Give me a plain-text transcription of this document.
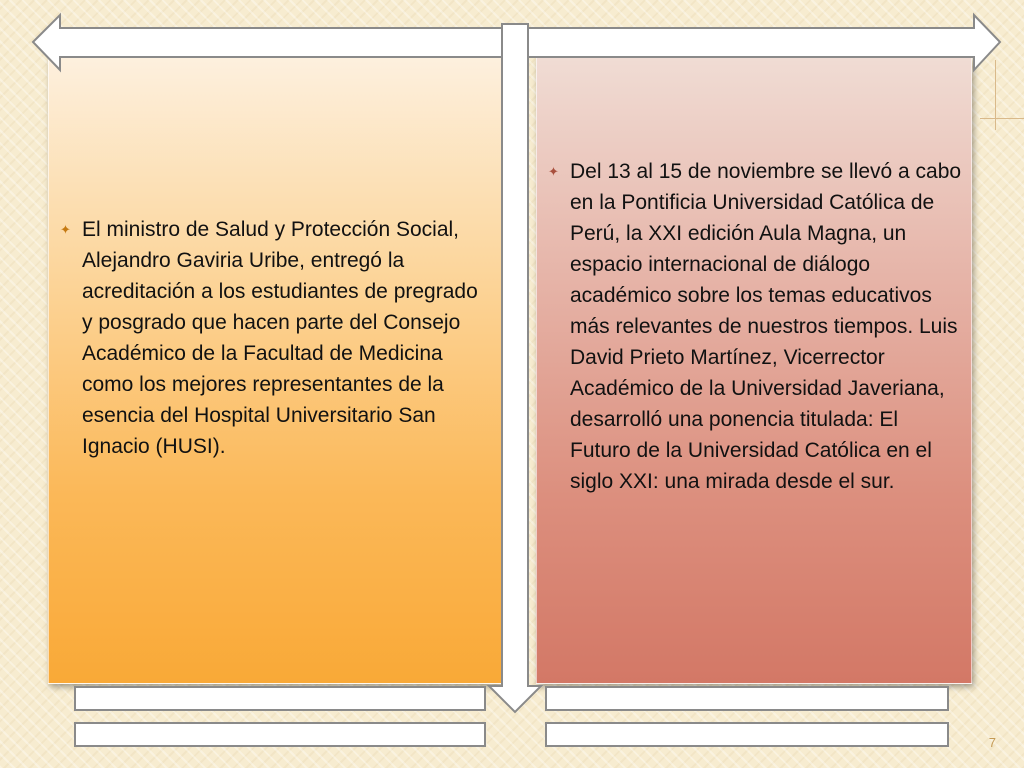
✦ El ministro de Salud y Protección Social, Alejandro Gaviria Uribe, entregó la acreditación a los estudiantes de pregrado y posgrado que hacen parte del Consejo Académico de la Facultad de Medicina como los mejores representantes de la esencia del Hospital Universitario San Ignacio (HUSI).
✦ Del 13 al 15 de noviembre se llevó a cabo en la Pontificia Universidad Católica de Perú, la XXI edición Aula Magna, un espacio internacional de diálogo académico sobre los temas educativos más relevantes de nuestros tiempos. Luis David Prieto Martínez, Vicerrector Académico de la Universidad Javeriana, desarrolló una ponencia titulada: El Futuro de la Universidad Católica en el siglo XXI: una mirada desde el sur.
7
